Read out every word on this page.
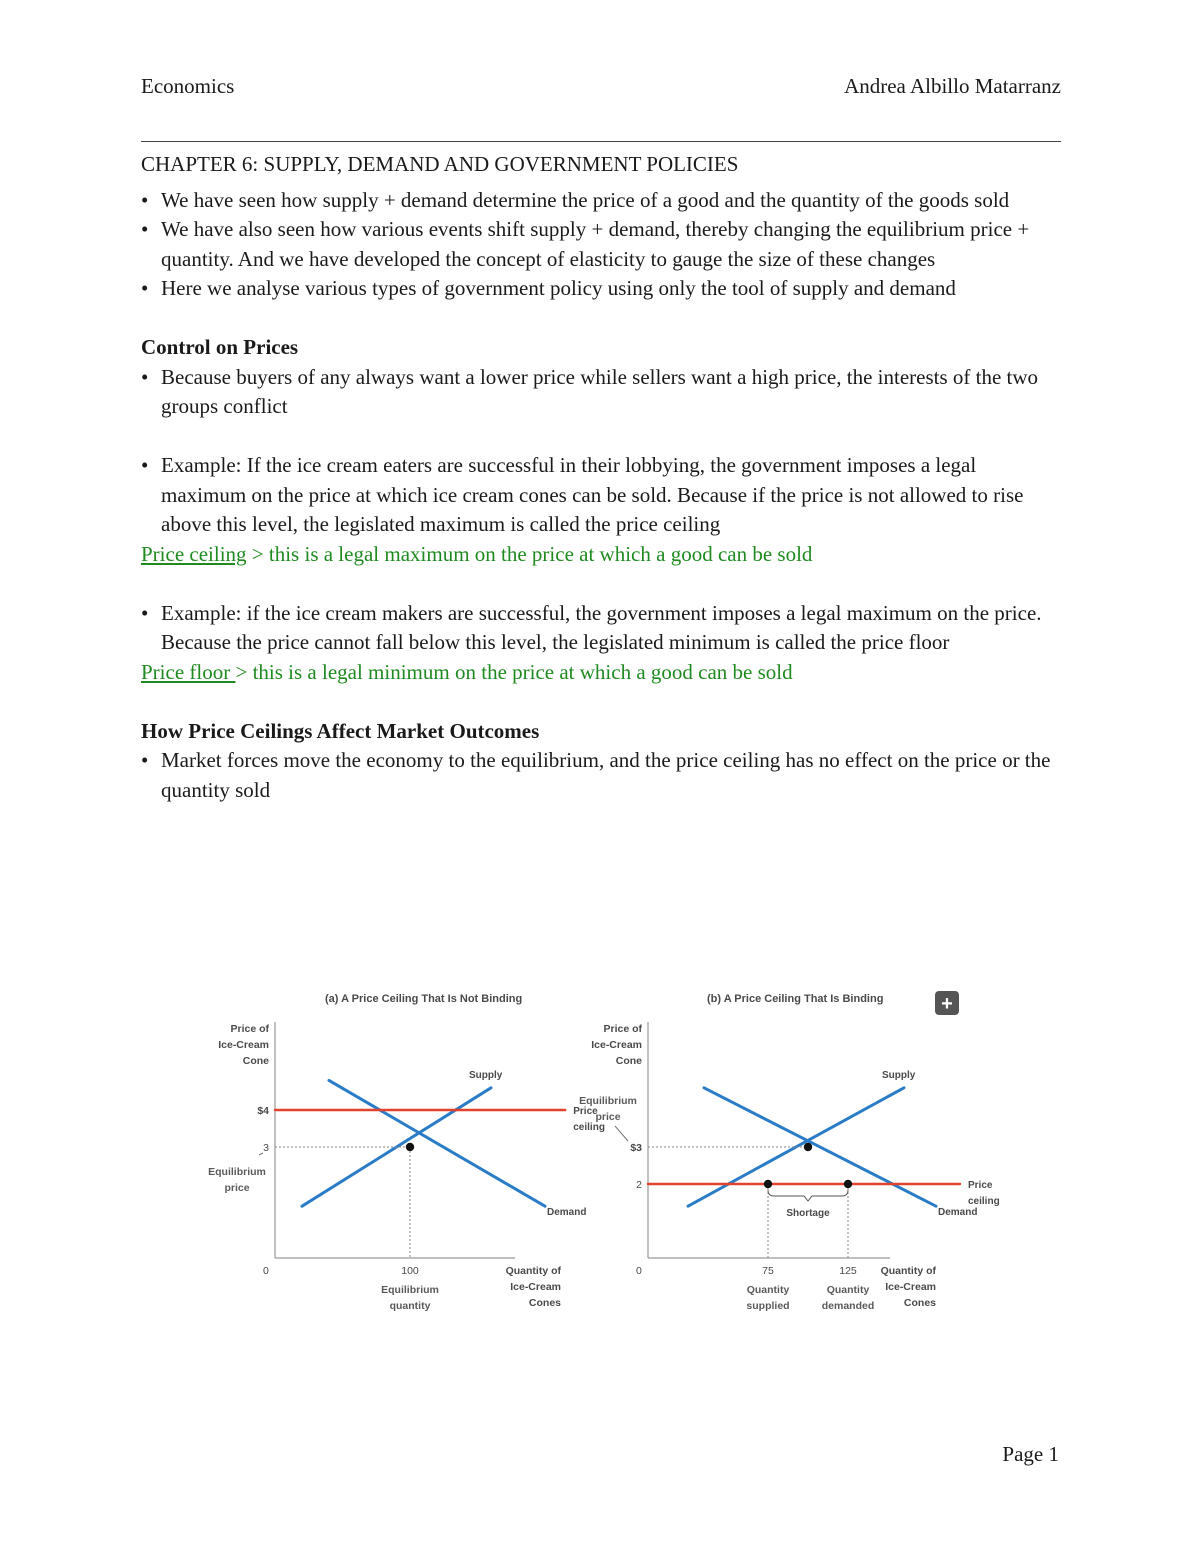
Economics	Andrea Albillo Matarranz
CHAPTER 6: SUPPLY, DEMAND AND GOVERNMENT POLICIES
• We have seen how supply + demand determine the price of a good and the quantity of the goods sold
• We have also seen how various events shift supply + demand, thereby changing the equilibrium price + quantity. And we have developed the concept of elasticity to gauge the size of these changes
• Here we analyse various types of government policy using only the tool of supply and demand
Control on Prices
• Because buyers of any always want a lower price while sellers want a high price, the interests of the two groups conflict
• Example: If the ice cream eaters are successful in their lobbying, the government imposes a legal maximum on the price at which ice cream cones can be sold. Because if the price is not allowed to rise above this level, the legislated maximum is called the price ceiling
Price ceiling > this is a legal maximum on the price at which a good can be sold
• Example: if the ice cream makers are successful, the government imposes a legal maximum on the price. Because the price cannot fall below this level, the legislated minimum is called the price floor
Price floor > this is a legal minimum on the price at which a good can be sold
How Price Ceilings Affect Market Outcomes
• Market forces move the economy to the equilibrium, and the price ceiling has no effect on the price or the quantity sold
(a) A Price Ceiling That Is Not Binding
Price of
Ice-Cream
Cone
Quantity of
Ice-Cream
Cones
0
Supply
Demand
Price
ceiling
$4
3
100
Equilibrium
price
Equilibrium
quantity
(b) A Price Ceiling That Is Binding
Price of
Ice-Cream
Cone
Quantity of
Ice-Cream
Cones
0
Supply
Demand
Price
ceiling
Shortage
$3
2
75	125
Equilibrium
price
Quantity
supplied
Quantity
demanded
+
Page 1
